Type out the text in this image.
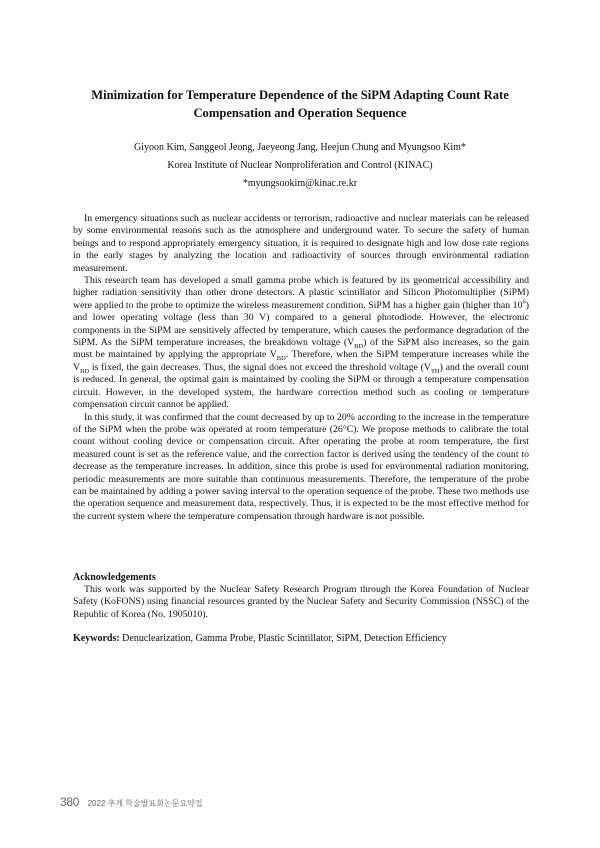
Minimization for Temperature Dependence of the SiPM Adapting Count Rate
Compensation and Operation Sequence
Giyoon Kim, Sanggeol Jeong, Jaeyeong Jang, Heejun Chung and Myungsoo Kim*
Korea Institute of Nuclear Nonproliferation and Control (KINAC)
*myungsookim@kinac.re.kr

In emergency situations such as nuclear accidents or terrorism, radioactive and nuclear materials can be released by some environmental reasons such as the atmosphere and underground water. To secure the safety of human beings and to respond appropriately emergency situation, it is required to designate high and low dose rate regions in the early stages by analyzing the location and radioactivity of sources through environmental radiation measurement.

This research team has developed a small gamma probe which is featured by its geometrical accessibility and higher radiation sensitivity than other drone detectors. A plastic scintillator and Silicon Photomultiplier (SiPM) were applied to the probe to optimize the wireless measurement condition. SiPM has a higher gain (higher than $10^6$) and lower operating voltage (less than 30 V) compared to a general photodiode. However, the electronic components in the SiPM are sensitively affected by temperature, which causes the performance degradation of the SiPM. As the SiPM temperature increases, the breakdown voltage $(V_{BD})$ of the SiPM also increases, so the gain must be maintained by applying the appropriate $V_{BD}$. Therefore, when the SiPM temperature increases while the $V_{BD}$ is fixed, the gain decreases. Thus, the signal does not exceed the threshold voltage $(V_{TH})$ and the overall count is reduced. In general, the optimal gain is maintained by cooling the SiPM or through a temperature compensation circuit. However, in the developed system, the hardware correction method such as cooling or temperature compensation circuit cannot be applied.

In this study, it was confirmed that the count decreased by up to 20% according to the increase in the temperature of the SiPM when the probe was operated at room temperature (26°C). We propose methods to calibrate the total count without cooling device or compensation circuit. After operating the probe at room temperature, the first measured count is set as the reference value, and the correction factor is derived using the tendency of the count to decrease as the temperature increases. In addition, since this probe is used for environmental radiation monitoring, periodic measurements are more suitable than continuous measurements. Therefore, the temperature of the probe can be maintained by adding a power saving interval to the operation sequence of the probe. These two methods use the operation sequence and measurement data, respectively. Thus, it is expected to be the most effective method for the current system where the temperature compensation through hardware is not possible.

Acknowledgements

This work was supported by the Nuclear Safety Research Program through the Korea Foundation of Nuclear Safety (KoFONS) using financial resources granted by the Nuclear Safety and Security Commission (NSSC) of the Republic of Korea (No. 1905010).

Keywords: Denuclearization, Gamma Probe, Plastic Scintillator, SiPM, Detection Efficiency
380 2022 추계 학술발표회논문요약집
